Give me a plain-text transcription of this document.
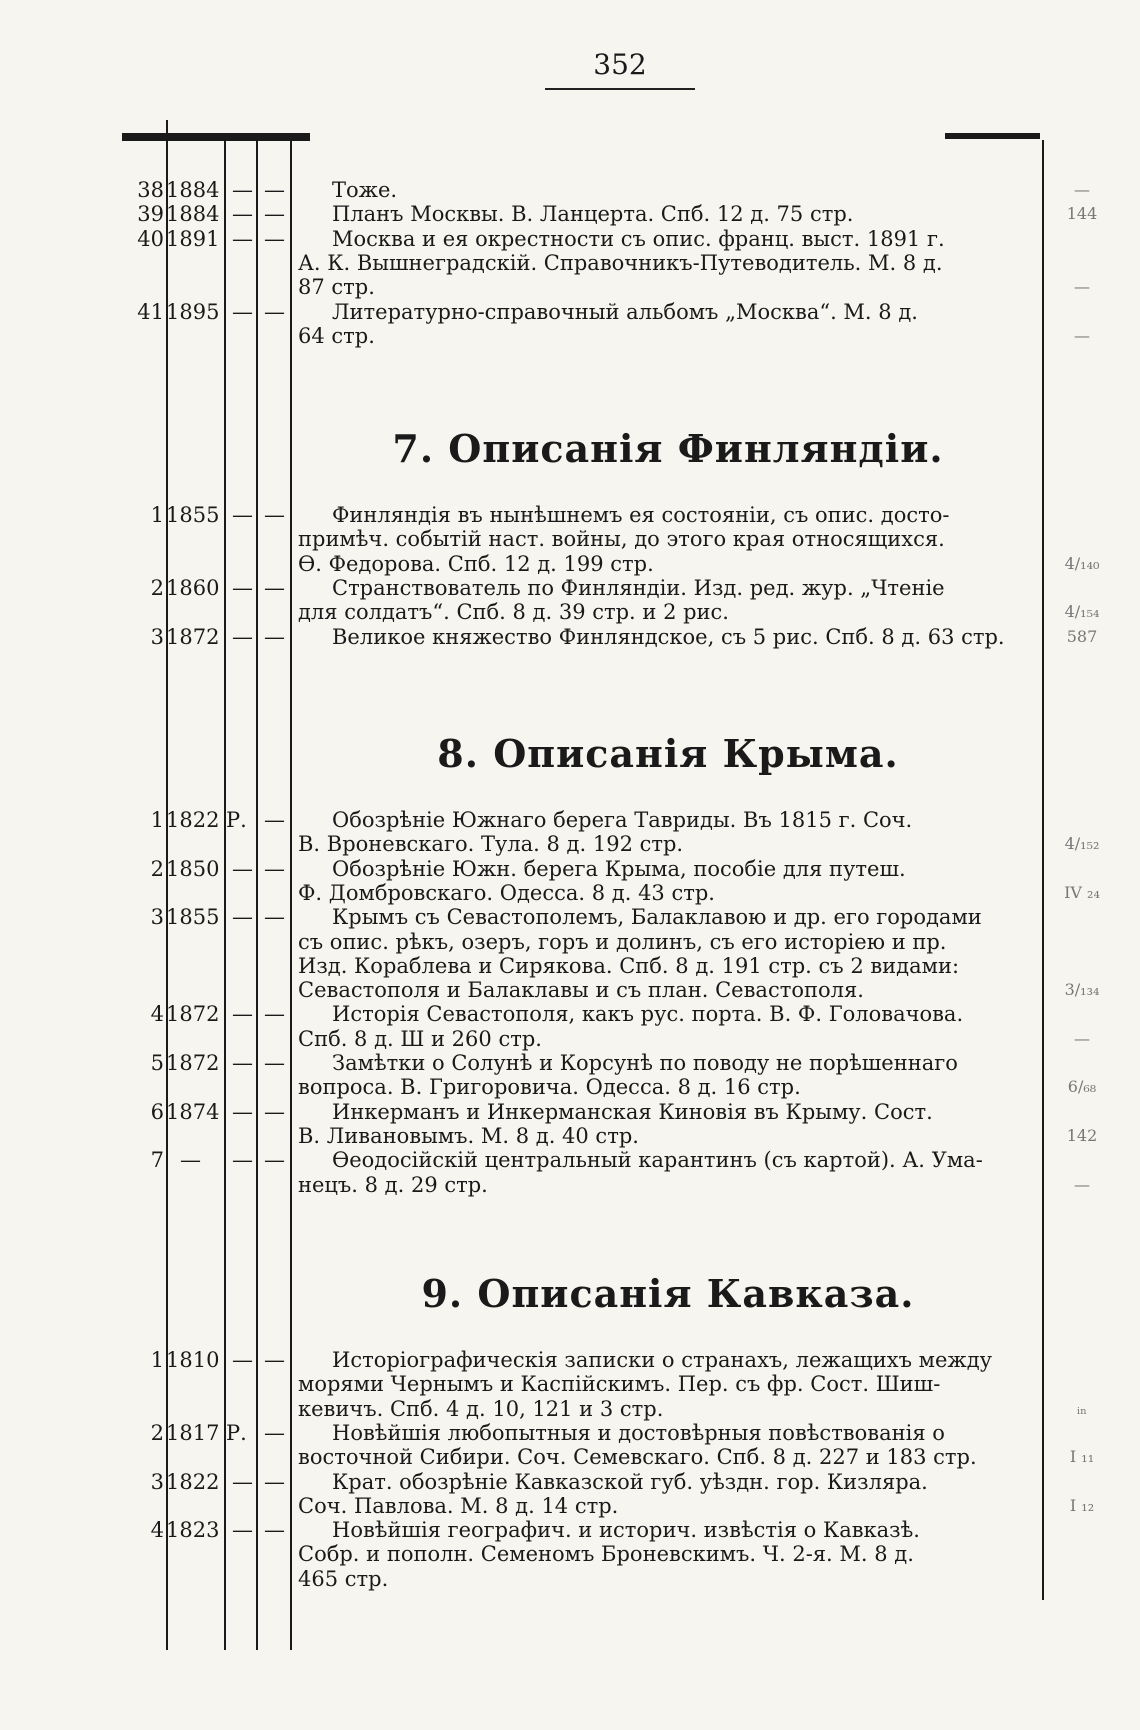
352
38 1884 — — Тоже.	—
39 1884 — — Планъ Москвы. В. Ланцерта. Спб. 12 д. 75 стр.	144
40 1891 — — Москва и ея окрестности съ опис. франц. выст. 1891 г.
А. К. Вышнеградскій. Справочникъ-Путеводитель. М. 8 д.
87 стр.	—
41 1895 — — Литературно-справочный альбомъ „Москва“. М. 8 д.
64 стр.	—
7. Описанія Финляндіи.
1 1855 — — Финляндія въ нынѣшнемъ ея состояніи, съ опис. досто-
примѣч. событій наст. войны, до этого края относящихся.
Ө. Федорова. Спб. 12 д. 199 стр.	4/₁₄₀
2 1860 — — Странствователь по Финляндіи. Изд. ред. жур. „Чтеніе
для солдатъ“. Спб. 8 д. 39 стр. и 2 рис.	4/₁₅₄
3 1872 — — Великое княжество Финляндское, съ 5 рис. Спб. 8 д. 63 стр.	587
8. Описанія Крыма.
1 1822 Р. — Обозрѣніе Южнаго берега Тавриды. Въ 1815 г. Соч.
В. Вроневскаго. Тула. 8 д. 192 стр.	4/₁₅₂
2 1850 — — Обозрѣніе Южн. берега Крыма, пособіе для путеш.
Ф. Домбровскаго. Одесса. 8 д. 43 стр.	IV ₂₄
3 1855 — — Крымъ съ Севастополемъ, Балаклавою и др. его городами
съ опис. рѣкъ, озеръ, горъ и долинъ, съ его исторіею и пр.
Изд. Кораблева и Сирякова. Спб. 8 д. 191 стр. съ 2 видами:
Севастополя и Балаклавы и съ план. Севастополя.	3/₁₃₄
4 1872 — — Исторія Севастополя, какъ рус. порта. В. Ф. Головачова.
Спб. 8 д. Ш и 260 стр.	—
5 1872 — — Замѣтки о Солунѣ и Корсунѣ по поводу не порѣшеннаго
вопроса. В. Григоровича. Одесса. 8 д. 16 стр.	6/₆₈
6 1874 — — Инкерманъ и Инкерманская Киновія въ Крыму. Сост.
В. Ливановымъ. М. 8 д. 40 стр.	142
7 — — — Ѳеодосійскій центральный карантинъ (съ картой). А. Ума-
нецъ. 8 д. 29 стр.	—
9. Описанія Кавказа.
1 1810 — — Исторіографическія записки о странахъ, лежащихъ между
морями Чернымъ и Каспійскимъ. Пер. съ фр. Сост. Шиш-
кевичъ. Спб. 4 д. 10, 121 и 3 стр.	ᵢₙ
2 1817 Р. — Новѣйшія любопытныя и достовѣрныя повѣствованія о
восточной Сибири. Соч. Семевскаго. Спб. 8 д. 227 и 183 стр.	I ₁₁
3 1822 — — Крат. обозрѣніе Кавказской губ. уѣздн. гор. Кизляра.
Соч. Павлова. М. 8 д. 14 стр.	I ₁₂
4 1823 — — Новѣйшія географич. и историч. извѣстія о Кавказѣ.
Собр. и пополн. Семеномъ Броневскимъ. Ч. 2-я. М. 8 д.
465 стр.
